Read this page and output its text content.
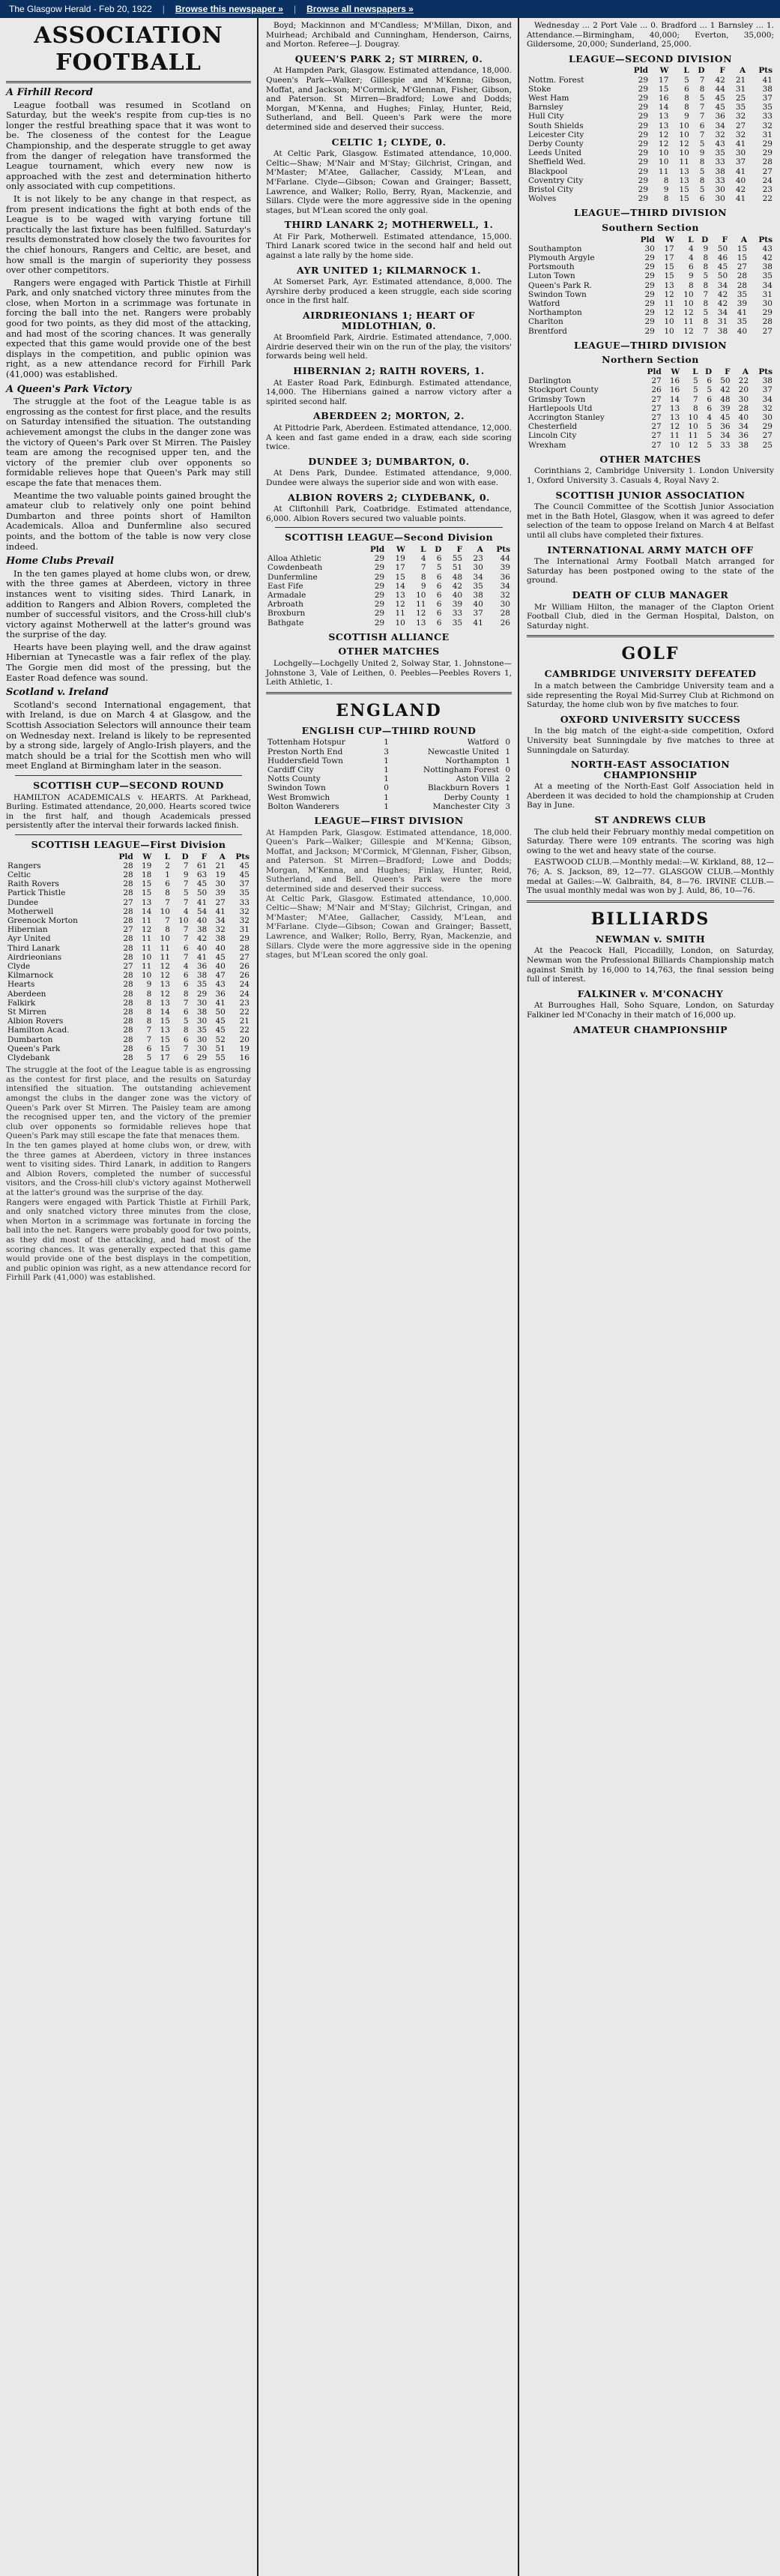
The Glasgow Herald - Feb 20, 1922 | Browse this newspaper » | Browse all newspapers »
ASSOCIATION FOOTBALL
A Firhill Record

League football was resumed in Scotland on Saturday, but the week's respite from cup-ties is no longer the restful breathing space that it was wont to be. The closeness of the contest for the League Championship, and the desperate struggle to get away from the danger of relegation have transformed the League tournament, which every new now is approached with the zest and determination hitherto only associated with cup competitions.

It is not likely to be any change in that respect, as from present indications the fight at both ends of the League is to be waged with varying fortune till practically the last fixture has been fulfilled. Saturday's results demonstrated how closely the two favourites for the chief honours, Rangers and Celtic, are beset, and how small is the margin of superiority they possess over other competitors.

Rangers were engaged with Partick Thistle at Firhill Park, and only snatched victory three minutes from the close, when Morton in a scrimmage was fortunate in forcing the ball into the net. Rangers were probably good for two points, as they did most of the attacking, and had most of the scoring chances. It was generally expected that this game would provide one of the best displays in the competition, and public opinion was right, as a new attendance record for Firhill Park (41,000) was established.

A Queen's Park Victory

The struggle at the foot of the League table is as engrossing as the contest for first place, and the results on Saturday intensified the situation. The outstanding achievement amongst the clubs in the danger zone was the victory of Queen's Park over St Mirren. The Paisley team are among the recognised upper ten, and the victory of the premier club over opponents so formidable relieves hope that Queen's Park may still escape the fate that menaces them.

Meantime the two valuable points gained brought the amateur club to relatively only one point behind Dumbarton and three points short of Hamilton Academicals. Alloa and Dunfermline also secured points, and the bottom of the table is now very close indeed.

Home Clubs Prevail

In the ten games played at home clubs won, or drew, with the three games at Aberdeen, victory in three instances went to visiting sides. Third Lanark, in addition to Rangers and Albion Rovers, completed the number of successful visitors, and the Cross-hill club's victory against Motherwell at the latter's ground was the surprise of the day.

Hearts have been playing well, and the draw against Hibernian at Tynecastle was a fair reflex of the play. The Gorgie men did most of the pressing, but the Easter Road defence was sound.

Scotland v. Ireland

Scotland's second International engagement, that with Ireland, is due on March 4 at Glasgow, and the Scottish Association Selectors will announce their team on Wednesday next. Ireland is likely to be represented by a strong side, largely of Anglo-Irish players, and the match should be a trial for the Scottish men who will meet England at Birmingham later in the season.

SCOTTISH CUP—SECOND ROUND

HAMILTON ACADEMICALS v. HEARTS. At Parkhead, Burling. Estimated attendance, 20,000. Hearts scored twice in the first half, and though Academicals pressed persistently after the interval their forwards lacked finish.

SCOTTISH LEAGUE—First Division
	Pld	W	L	D	F	A	Pts
Rangers	28	19	2	7	61	21	45
Celtic	28	18	1	9	63	19	45
Raith Rovers	28	15	6	7	45	30	37
Partick Thistle	28	15	8	5	50	39	35
Dundee	27	13	7	7	41	27	33
Motherwell	28	14	10	4	54	41	32
Greenock Morton	28	11	7	10	40	34	32
Hibernian	27	12	8	7	38	32	31
Ayr United	28	11	10	7	42	38	29
Third Lanark	28	11	11	6	40	40	28
Airdrieonians	28	10	11	7	41	45	27
Clyde	27	11	12	4	36	40	26
Kilmarnock	28	10	12	6	38	47	26
Hearts	28	9	13	6	35	43	24
Aberdeen	28	8	12	8	29	36	24
Falkirk	28	8	13	7	30	41	23
St Mirren	28	8	14	6	38	50	22
Albion Rovers	28	8	15	5	30	45	21
Hamilton Acad.	28	7	13	8	35	45	22
Dumbarton	28	7	15	6	30	52	20
Queen's Park	28	6	15	7	30	51	19
Clydebank	28	5	17	6	29	55	16
The struggle at the foot of the League table is as engrossing as the contest for first place, and the results on Saturday intensified the situation. The outstanding achievement amongst the clubs in the danger zone was the victory of Queen's Park over St Mirren. The Paisley team are among the recognised upper ten, and the victory of the premier club over opponents so formidable relieves hope that Queen's Park may still escape the fate that menaces them.
In the ten games played at home clubs won, or drew, with the three games at Aberdeen, victory in three instances went to visiting sides. Third Lanark, in addition to Rangers and Albion Rovers, completed the number of successful visitors, and the Cross-hill club's victory against Motherwell at the latter's ground was the surprise of the day.
Rangers were engaged with Partick Thistle at Firhill Park, and only snatched victory three minutes from the close, when Morton in a scrimmage was fortunate in forcing the ball into the net. Rangers were probably good for two points, as they did most of the attacking, and had most of the scoring chances. It was generally expected that this game would provide one of the best displays in the competition, and public opinion was right, as a new attendance record for Firhill Park (41,000) was established.

Boyd; Mackinnon and M'Candless; M'Millan, Dixon, and Muirhead; Archibald and Cunningham, Henderson, Cairns, and Morton. Referee—J. Dougray.

QUEEN'S PARK 2; ST MIRREN, 0.

At Hampden Park, Glasgow. Estimated attendance, 18,000. Queen's Park—Walker; Gillespie and M'Kenna; Gibson, Moffat, and Jackson; M'Cormick, M'Glennan, Fisher, Gibson, and Paterson. St Mirren—Bradford; Lowe and Dodds; Morgan, M'Kenna, and Hughes; Finlay, Hunter, Reid, Sutherland, and Bell. Queen's Park were the more determined side and deserved their success.

CELTIC 1; CLYDE, 0.

At Celtic Park, Glasgow. Estimated attendance, 10,000. Celtic—Shaw; M'Nair and M'Stay; Gilchrist, Cringan, and M'Master; M'Atee, Gallacher, Cassidy, M'Lean, and M'Farlane. Clyde—Gibson; Cowan and Grainger; Bassett, Lawrence, and Walker; Rollo, Berry, Ryan, Mackenzie, and Sillars. Clyde were the more aggressive side in the opening stages, but M'Lean scored the only goal.

THIRD LANARK 2; MOTHERWELL, 1.

At Fir Park, Motherwell. Estimated attendance, 15,000. Third Lanark scored twice in the second half and held out against a late rally by the home side.

AYR UNITED 1; KILMARNOCK 1.

At Somerset Park, Ayr. Estimated attendance, 8,000. The Ayrshire derby produced a keen struggle, each side scoring once in the first half.

AIRDRIEONIANS 1; HEART OF MIDLOTHIAN, 0.

At Broomfield Park, Airdrie. Estimated attendance, 7,000. Airdrie deserved their win on the run of the play, the visitors' forwards being well held.

HIBERNIAN 2; RAITH ROVERS, 1.

At Easter Road Park, Edinburgh. Estimated attendance, 14,000. The Hibernians gained a narrow victory after a spirited second half.

ABERDEEN 2; MORTON, 2.

At Pittodrie Park, Aberdeen. Estimated attendance, 12,000. A keen and fast game ended in a draw, each side scoring twice.

DUNDEE 3; DUMBARTON, 0.

At Dens Park, Dundee. Estimated attendance, 9,000. Dundee were always the superior side and won with ease.

ALBION ROVERS 2; CLYDEBANK, 0.

At Cliftonhill Park, Coatbridge. Estimated attendance, 6,000. Albion Rovers secured two valuable points.

SCOTTISH LEAGUE—Second Division
	Pld	W	L	D	F	A	Pts
Alloa Athletic	29	19	4	6	55	23	44
Cowdenbeath	29	17	7	5	51	30	39
Dunfermline	29	15	8	6	48	34	36
East Fife	29	14	9	6	42	35	34
Armadale	29	13	10	6	40	38	32
Arbroath	29	12	11	6	39	40	30
Broxburn	29	11	12	6	33	37	28
Bathgate	29	10	13	6	35	41	26
SCOTTISH ALLIANCE
OTHER MATCHES

Lochgelly—Lochgelly United 2, Solway Star, 1. Johnstone—Johnstone 3, Vale of Leithen, 0. Peebles—Peebles Rovers 1, Leith Athletic, 1.

ENGLAND
ENGLISH CUP—THIRD ROUND
Tottenham Hotspur	1	Watford	0
Preston North End	3	Newcastle United	1
Huddersfield Town	1	Northampton	1
Cardiff City	1	Nottingham Forest	0
Notts County	1	Aston Villa	2
Swindon Town	0	Blackburn Rovers	1
West Bromwich	1	Derby County	1
Bolton Wanderers	1	Manchester City	3
LEAGUE—FIRST DIVISION
At Hampden Park, Glasgow. Estimated attendance, 18,000. Queen's Park—Walker; Gillespie and M'Kenna; Gibson, Moffat, and Jackson; M'Cormick, M'Glennan, Fisher, Gibson, and Paterson. St Mirren—Bradford; Lowe and Dodds; Morgan, M'Kenna, and Hughes; Finlay, Hunter, Reid, Sutherland, and Bell. Queen's Park were the more determined side and deserved their success.
At Celtic Park, Glasgow. Estimated attendance, 10,000. Celtic—Shaw; M'Nair and M'Stay; Gilchrist, Cringan, and M'Master; M'Atee, Gallacher, Cassidy, M'Lean, and M'Farlane. Clyde—Gibson; Cowan and Grainger; Bassett, Lawrence, and Walker; Rollo, Berry, Ryan, Mackenzie, and Sillars. Clyde were the more aggressive side in the opening stages, but M'Lean scored the only goal.

Wednesday ... 2 Port Vale ... 0. Bradford ... 1 Barnsley ... 1. Attendance.—Birmingham, 40,000; Everton, 35,000; Gildersome, 20,000; Sunderland, 25,000.

LEAGUE—SECOND DIVISION
	Pld	W	L	D	F	A	Pts
Nottm. Forest	29	17	5	7	42	21	41
Stoke	29	15	6	8	44	31	38
West Ham	29	16	8	5	45	25	37
Barnsley	29	14	8	7	45	35	35
Hull City	29	13	9	7	36	32	33
South Shields	29	13	10	6	34	27	32
Leicester City	29	12	10	7	32	32	31
Derby County	29	12	12	5	43	41	29
Leeds United	29	10	10	9	35	30	29
Sheffield Wed.	29	10	11	8	33	37	28
Blackpool	29	11	13	5	38	41	27
Coventry City	29	8	13	8	33	40	24
Bristol City	29	9	15	5	30	42	23
Wolves	29	8	15	6	30	41	22
LEAGUE—THIRD DIVISION
Southern Section
	Pld	W	L	D	F	A	Pts
Southampton	30	17	4	9	50	15	43
Plymouth Argyle	29	17	4	8	46	15	42
Portsmouth	29	15	6	8	45	27	38
Luton Town	29	15	9	5	50	28	35
Queen's Park R.	29	13	8	8	34	28	34
Swindon Town	29	12	10	7	42	35	31
Watford	29	11	10	8	42	39	30
Northampton	29	12	12	5	34	41	29
Charlton	29	10	11	8	31	35	28
Brentford	29	10	12	7	38	40	27
LEAGUE—THIRD DIVISION
Northern Section
	Pld	W	L	D	F	A	Pts
Darlington	27	16	5	6	50	22	38
Stockport County	26	16	5	5	42	20	37
Grimsby Town	27	14	7	6	48	30	34
Hartlepools Utd	27	13	8	6	39	28	32
Accrington Stanley	27	13	10	4	45	40	30
Chesterfield	27	12	10	5	36	34	29
Lincoln City	27	11	11	5	34	36	27
Wrexham	27	10	12	5	33	38	25
OTHER MATCHES

Corinthians 2, Cambridge University 1. London University 1, Oxford University 3. Casuals 4, Royal Navy 2.

SCOTTISH JUNIOR ASSOCIATION

The Council Committee of the Scottish Junior Association met in the Bath Hotel, Glasgow, when it was agreed to defer selection of the team to oppose Ireland on March 4 at Belfast until all clubs have completed their fixtures.

INTERNATIONAL ARMY MATCH OFF

The International Army Football Match arranged for Saturday has been postponed owing to the state of the ground.

DEATH OF CLUB MANAGER

Mr William Hilton, the manager of the Clapton Orient Football Club, died in the German Hospital, Dalston, on Saturday night.

GOLF
CAMBRIDGE UNIVERSITY DEFEATED

In a match between the Cambridge University team and a side representing the Royal Mid-Surrey Club at Richmond on Saturday, the home club won by five matches to four.

OXFORD UNIVERSITY SUCCESS

In the big match of the eight-a-side competition, Oxford University beat Sunningdale by five matches to three at Sunningdale on Saturday.

NORTH-EAST ASSOCIATION CHAMPIONSHIP

At a meeting of the North-East Golf Association held in Aberdeen it was decided to hold the championship at Cruden Bay in June.

ST ANDREWS CLUB

The club held their February monthly medal competition on Saturday. There were 109 entrants. The scoring was high owing to the wet and heavy state of the course.

EASTWOOD CLUB.—Monthly medal:—W. Kirkland, 88, 12—76; A. S. Jackson, 89, 12—77. GLASGOW CLUB.—Monthly medal at Gailes:—W. Galbraith, 84, 8—76. IRVINE CLUB.—The usual monthly medal was won by J. Auld, 86, 10—76.

BILLIARDS
NEWMAN v. SMITH

At the Peacock Hall, Piccadilly, London, on Saturday, Newman won the Professional Billiards Championship match against Smith by 16,000 to 14,763, the final session being full of interest.

FALKINER v. M'CONACHY

At Burroughes Hall, Soho Square, London, on Saturday Falkiner led M'Conachy in their match of 16,000 up.

AMATEUR CHAMPIONSHIP
